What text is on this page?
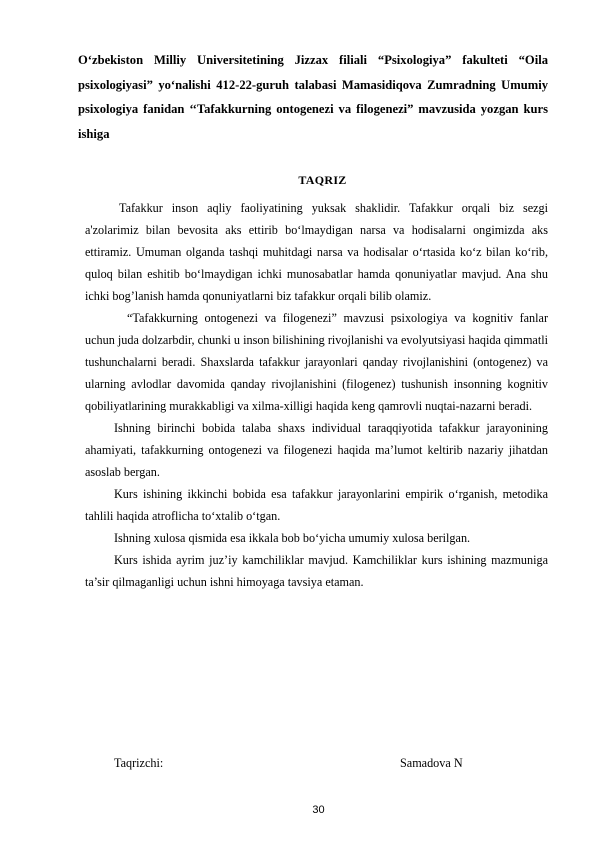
O‘zbekiston Milliy Universitetining Jizzax filiali “Psixologiya” fakulteti “Oila psixologiyasi” yo‘nalishi 412-22-guruh talabasi Mamasidiqova Zumradning Umumiy psixologiya fanidan ‘‘Tafakkurning ontogenezi va filogenezi” mavzusida yozgan kurs ishiga
TAQRIZ

Tafakkur inson aqliy faoliyatining yuksak shaklidir. Tafakkur orqali biz sezgi a'zolarimiz bilan bevosita aks ettirib bo‘lmaydigan narsa va hodisalarni ongimizda aks ettiramiz. Umuman olganda tashqi muhitdagi narsa va hodisalar o‘rtasida ko‘z bilan ko‘rib, quloq bilan eshitib bo‘lmaydigan ichki munosabatlar hamda qonuniyatlar mavjud. Ana shu ichki bog’lanish hamda qonuniyatlarni biz tafakkur orqali bilib olamiz.

“Tafakkurning ontogenezi va filogenezi” mavzusi psixologiya va kognitiv fanlar uchun juda dolzarbdir, chunki u inson bilishining rivojlanishi va evolyutsiyasi haqida qimmatli tushunchalarni beradi. Shaxslarda tafakkur jarayonlari qanday rivojlanishini (ontogenez) va ularning avlodlar davomida qanday rivojlanishini (filogenez) tushunish insonning kognitiv qobiliyatlarining murakkabligi va xilma-xilligi haqida keng qamrovli nuqtai-nazarni beradi.

Ishning birinchi bobida talaba shaxs individual taraqqiyotida tafakkur jarayonining ahamiyati, tafakkurning ontogenezi va filogenezi haqida ma’lumot keltirib nazariy jihatdan asoslab bergan.

Kurs ishining ikkinchi bobida esa tafakkur jarayonlarini empirik o‘rganish, metodika tahlili haqida atroflicha to‘xtalib o‘tgan.

Ishning xulosa qismida esa ikkala bob bo‘yicha umumiy xulosa berilgan.

Kurs ishida ayrim juz’iy kamchiliklar mavjud. Kamchiliklar kurs ishining mazmuniga ta’sir qilmaganligi uchun ishni himoyaga tavsiya etaman.

Taqrizchi:	Samadova N
30
